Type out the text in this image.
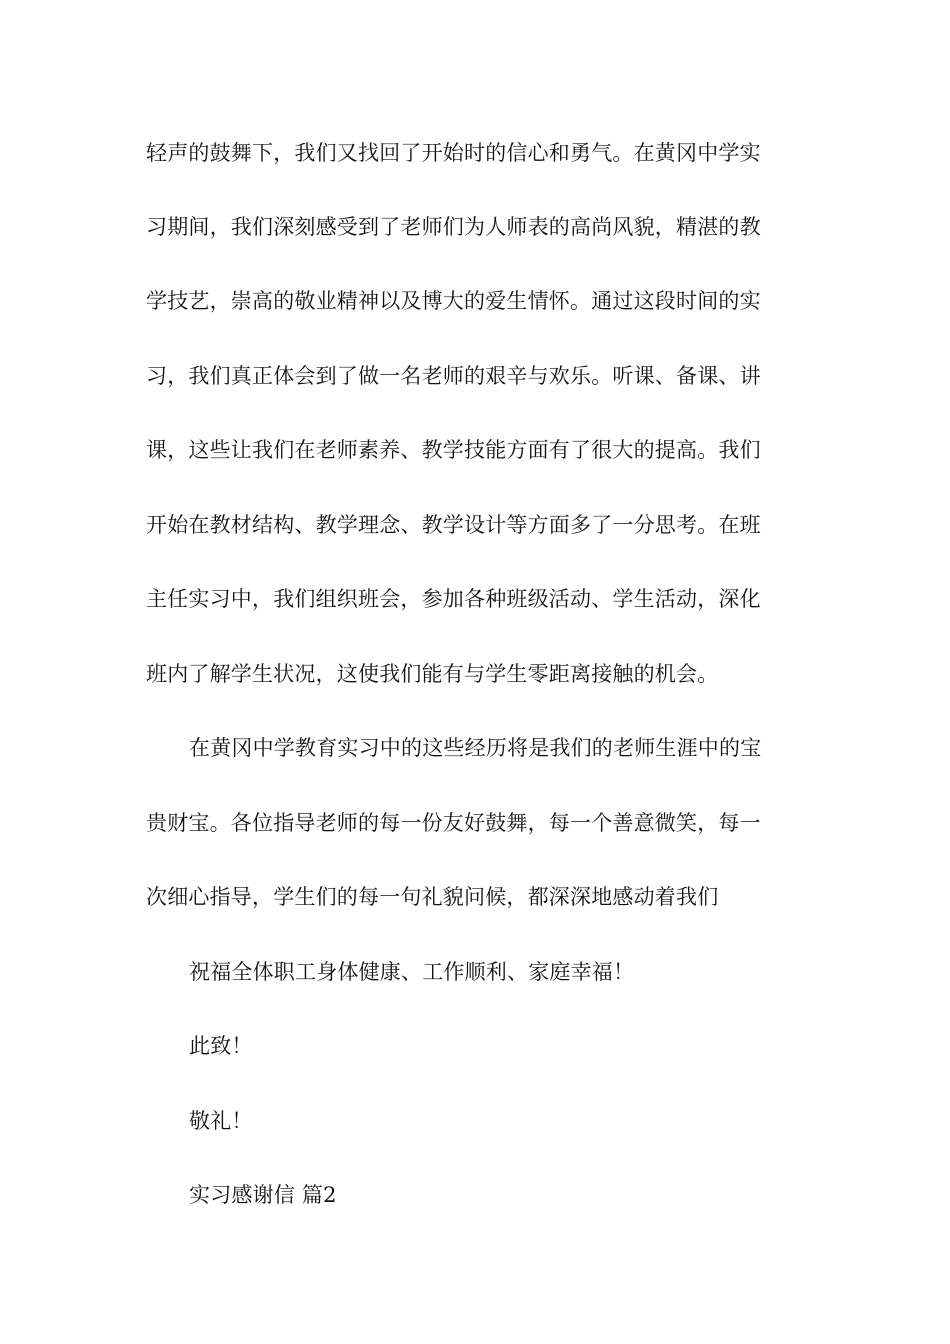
轻声的鼓舞下，我们又找回了开始时的信心和勇气。在黄冈中学实
习期间，我们深刻感受到了老师们为人师表的高尚风貌，精湛的教
学技艺，崇高的敬业精神以及博大的爱生情怀。通过这段时间的实
习，我们真正体会到了做一名老师的艰辛与欢乐。听课、备课、讲
课，这些让我们在老师素养、教学技能方面有了很大的提高。我们
开始在教材结构、教学理念、教学设计等方面多了一分思考。在班
主任实习中，我们组织班会，参加各种班级活动、学生活动，深化
班内了解学生状况，这使我们能有与学生零距离接触的机会。
在黄冈中学教育实习中的这些经历将是我们的老师生涯中的宝
贵财宝。各位指导老师的每一份友好鼓舞，每一个善意微笑，每一
次细心指导，学生们的每一句礼貌问候，都深深地感动着我们
祝福全体职工身体健康、工作顺利、家庭幸福！
此致！
敬礼！
实习感谢信 篇2
